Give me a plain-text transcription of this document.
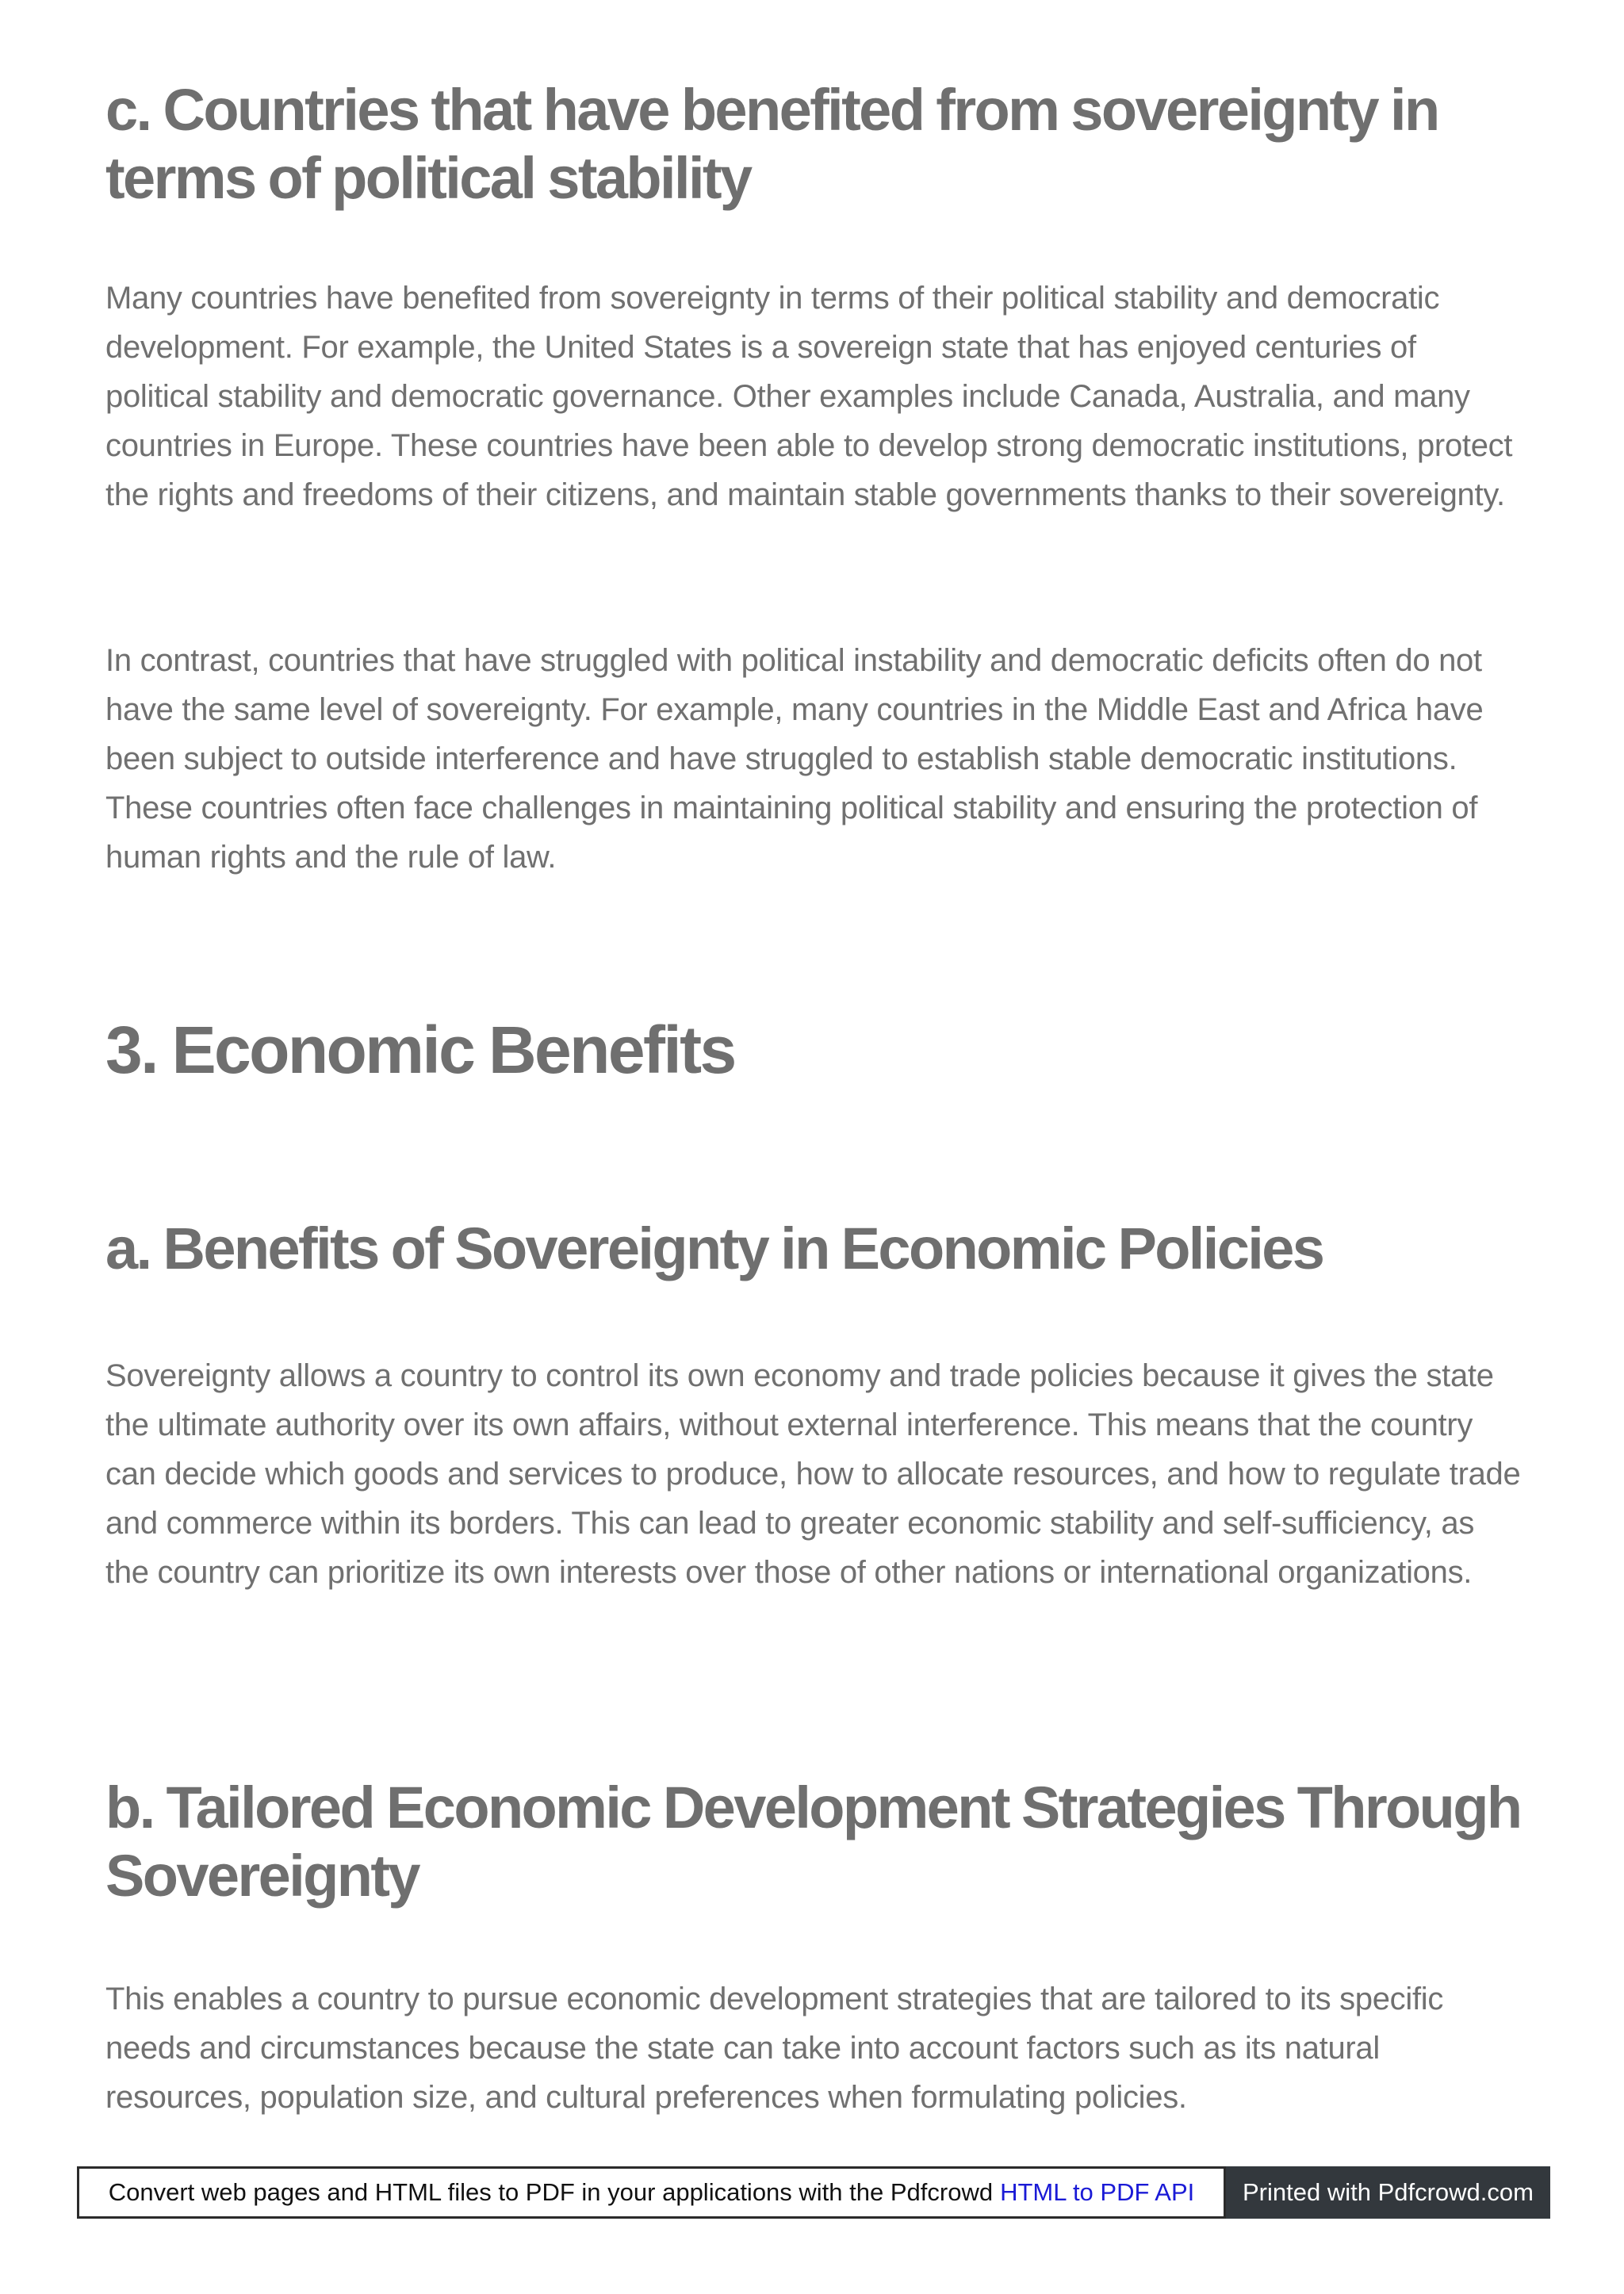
c. Countries that have benefited from sovereignty in terms of political stability

Many countries have benefited from sovereignty in terms of their political stability and democratic development. For example, the United States is a sovereign state that has enjoyed centuries of political stability and democratic governance. Other examples include Canada, Australia, and many countries in Europe. These countries have been able to develop strong democratic institutions, protect the rights and freedoms of their citizens, and maintain stable governments thanks to their sovereignty.

In contrast, countries that have struggled with political instability and democratic deficits often do not have the same level of sovereignty. For example, many countries in the Middle East and Africa have been subject to outside interference and have struggled to establish stable democratic institutions. These countries often face challenges in maintaining political stability and ensuring the protection of human rights and the rule of law.

3. Economic Benefits
a. Benefits of Sovereignty in Economic Policies

Sovereignty allows a country to control its own economy and trade policies because it gives the state the ultimate authority over its own affairs, without external interference. This means that the country can decide which goods and services to produce, how to allocate resources, and how to regulate trade and commerce within its borders. This can lead to greater economic stability and self-sufficiency, as the country can prioritize its own interests over those of other nations or international organizations.

b. Tailored Economic Development Strategies Through Sovereignty

This enables a country to pursue economic development strategies that are tailored to its specific needs and circumstances because the state can take into account factors such as its natural resources, population size, and cultural preferences when formulating policies.

Convert web pages and HTML files to PDF in your applications with the Pdfcrowd HTML to PDF API	Printed with Pdfcrowd.com
